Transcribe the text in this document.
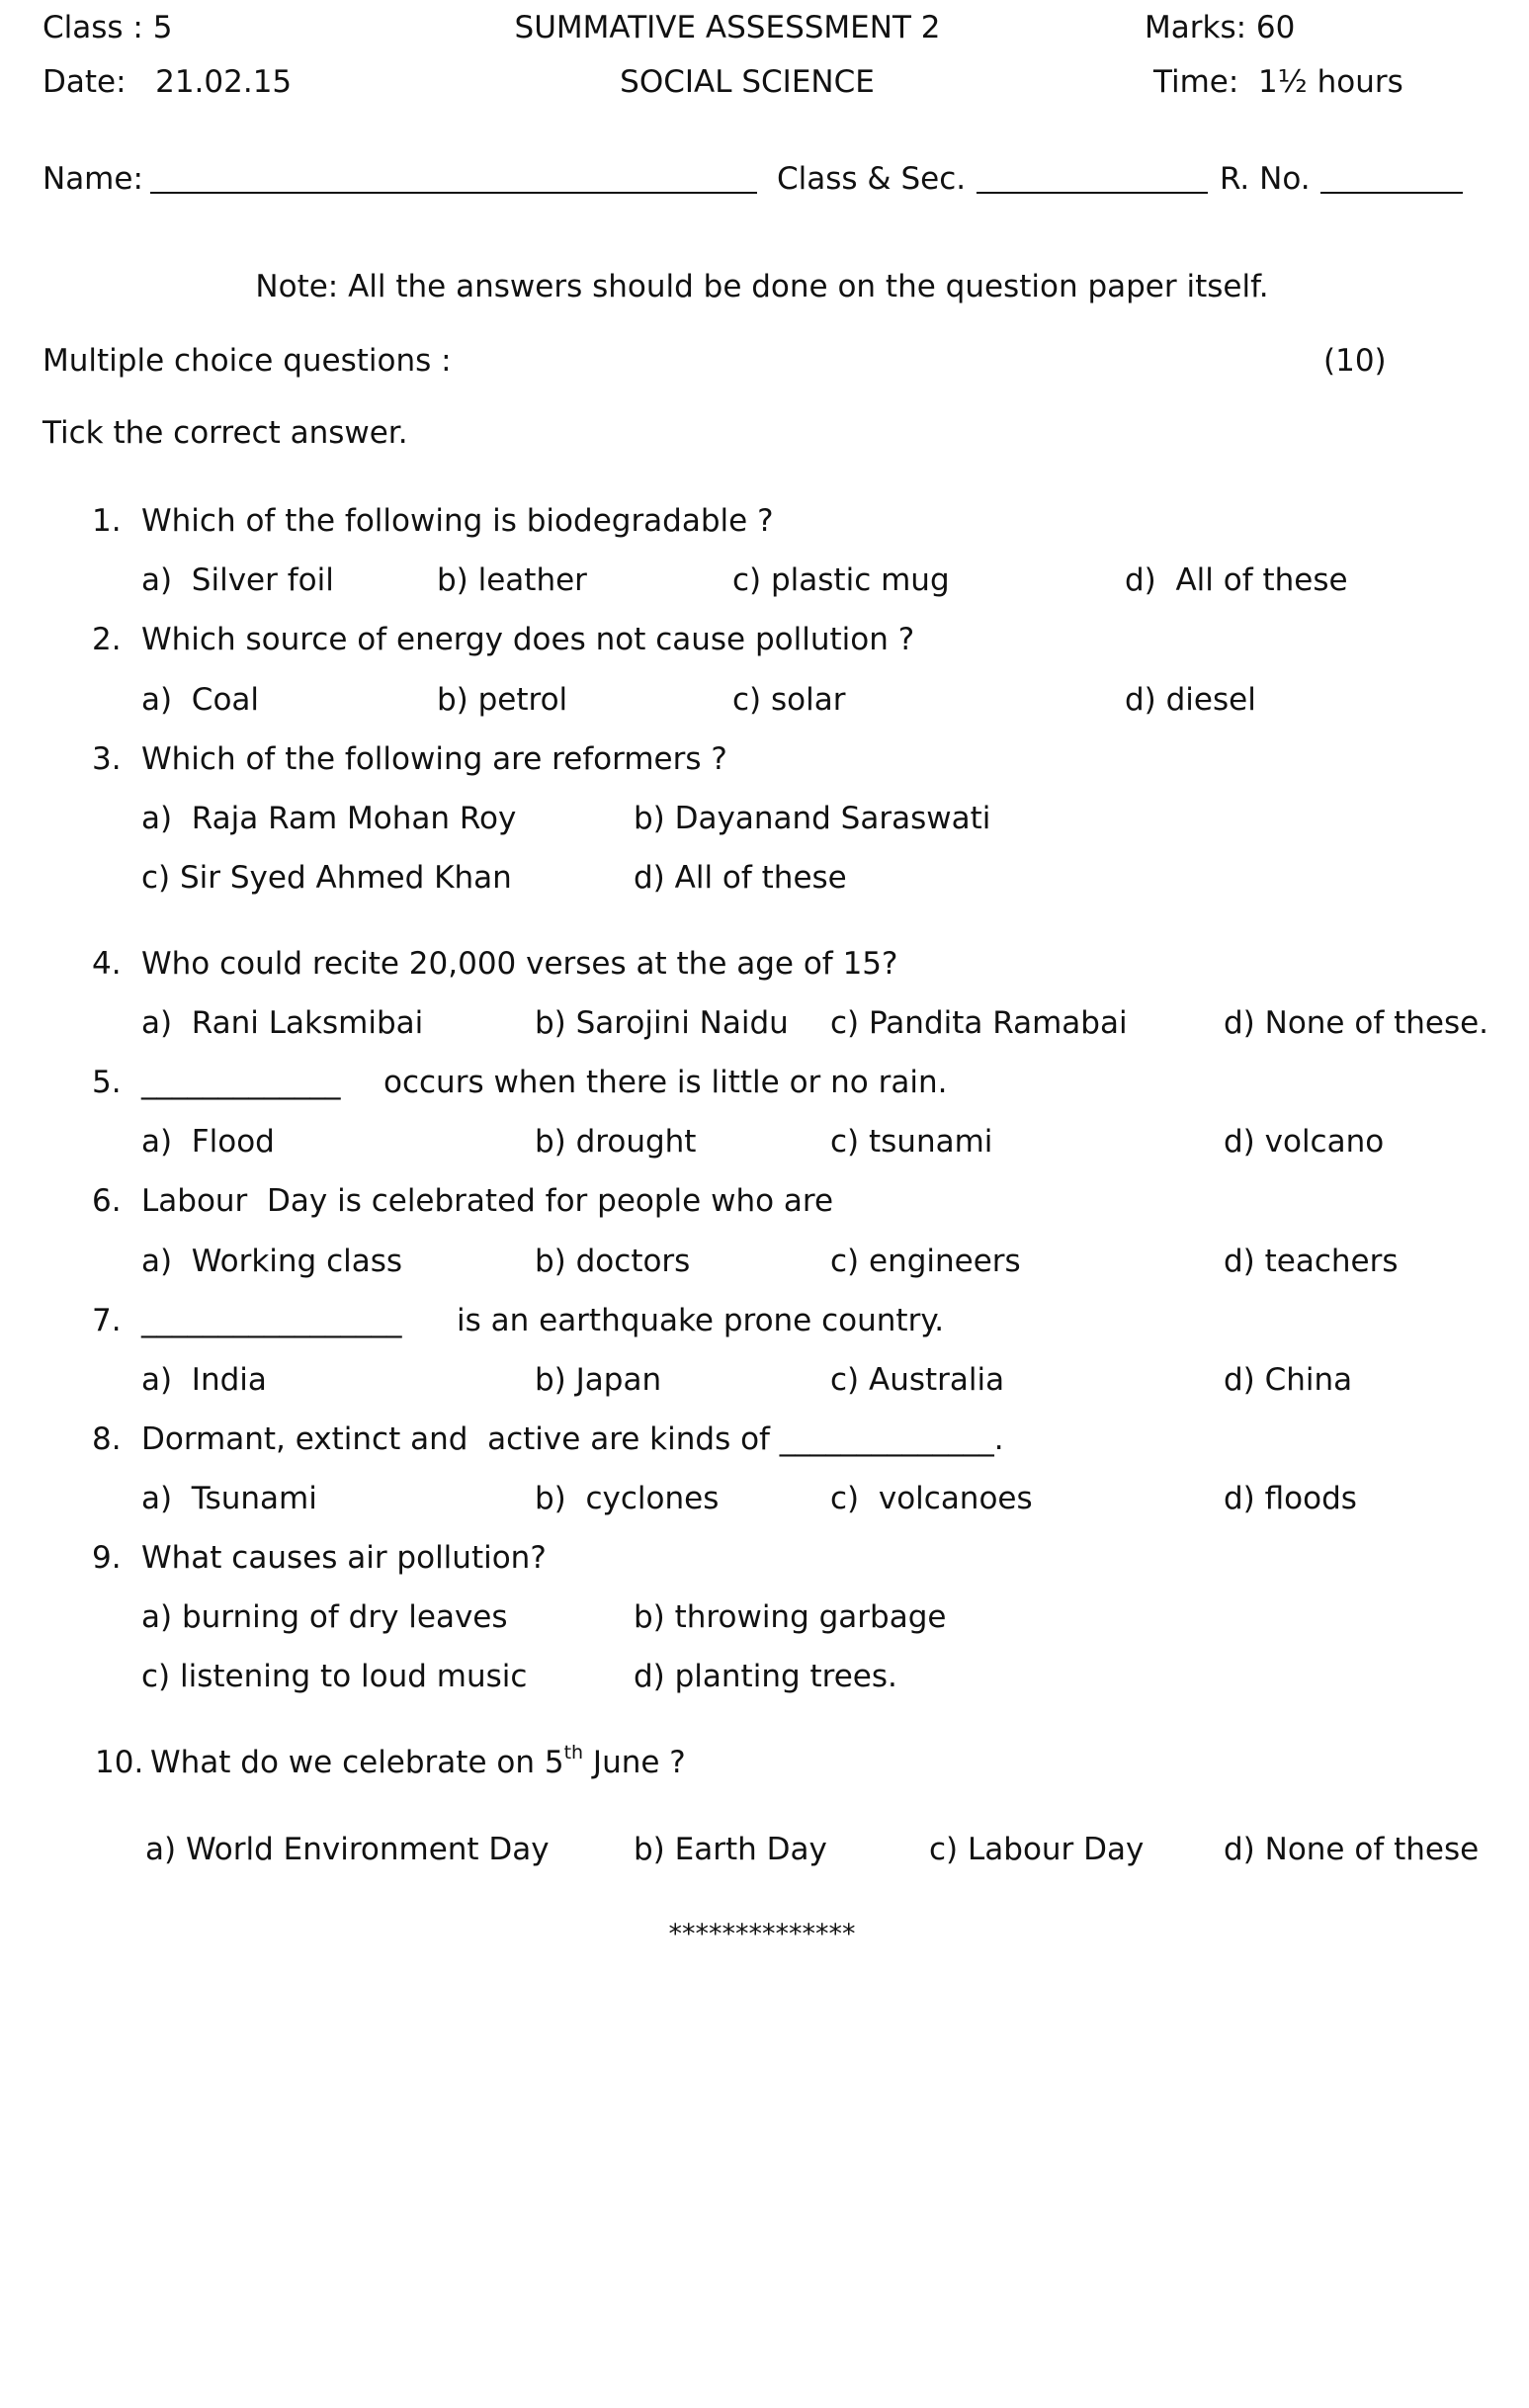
Class : 5	SUMMATIVE ASSESSMENT 2	Marks: 60
Date:   21.02.15	SOCIAL SCIENCE	Time:  1½ hours
Name:	Class & Sec.	R. No.
Note: All the answers should be done on the question paper itself.
Multiple choice questions :	(10)
Tick the correct answer.
1. Which of the following is biodegradable ?
a)  Silver foil	b) leather	c) plastic mug	d)  All of these
2. Which source of energy does not cause pollution ?
a)  Coal	b) petrol	c) solar	d) diesel
3. Which of the following are reformers ?
a)  Raja Ram Mohan Roy	b) Dayanand Saraswati
c) Sir Syed Ahmed Khan	d) All of these
4. Who could recite 20,000 verses at the age of 15?
a)  Rani Laksmibai	b) Sarojini Naidu c) Pandita Ramabai	d) None of these.
5. _____________ occurs when there is little or no rain.
a)  Flood	b) drought	c) tsunami	d) volcano
6. Labour  Day is celebrated for people who are
a)  Working class	b) doctors	c) engineers	d) teachers
7. _________________ is an earthquake prone country.
a)  India	b) Japan	c) Australia	d) China
8. Dormant, extinct and  active are kinds of ______________.
a)  Tsunami	b)  cyclones	c)  volcanoes	d) floods
9. What causes air pollution?
a) burning of dry leaves	b) throwing garbage
c) listening to loud music	d) planting trees.
10. What do we celebrate on 5th June ?
a) World Environment Day	b) Earth Day	c) Labour Day	d) None of these
**************
